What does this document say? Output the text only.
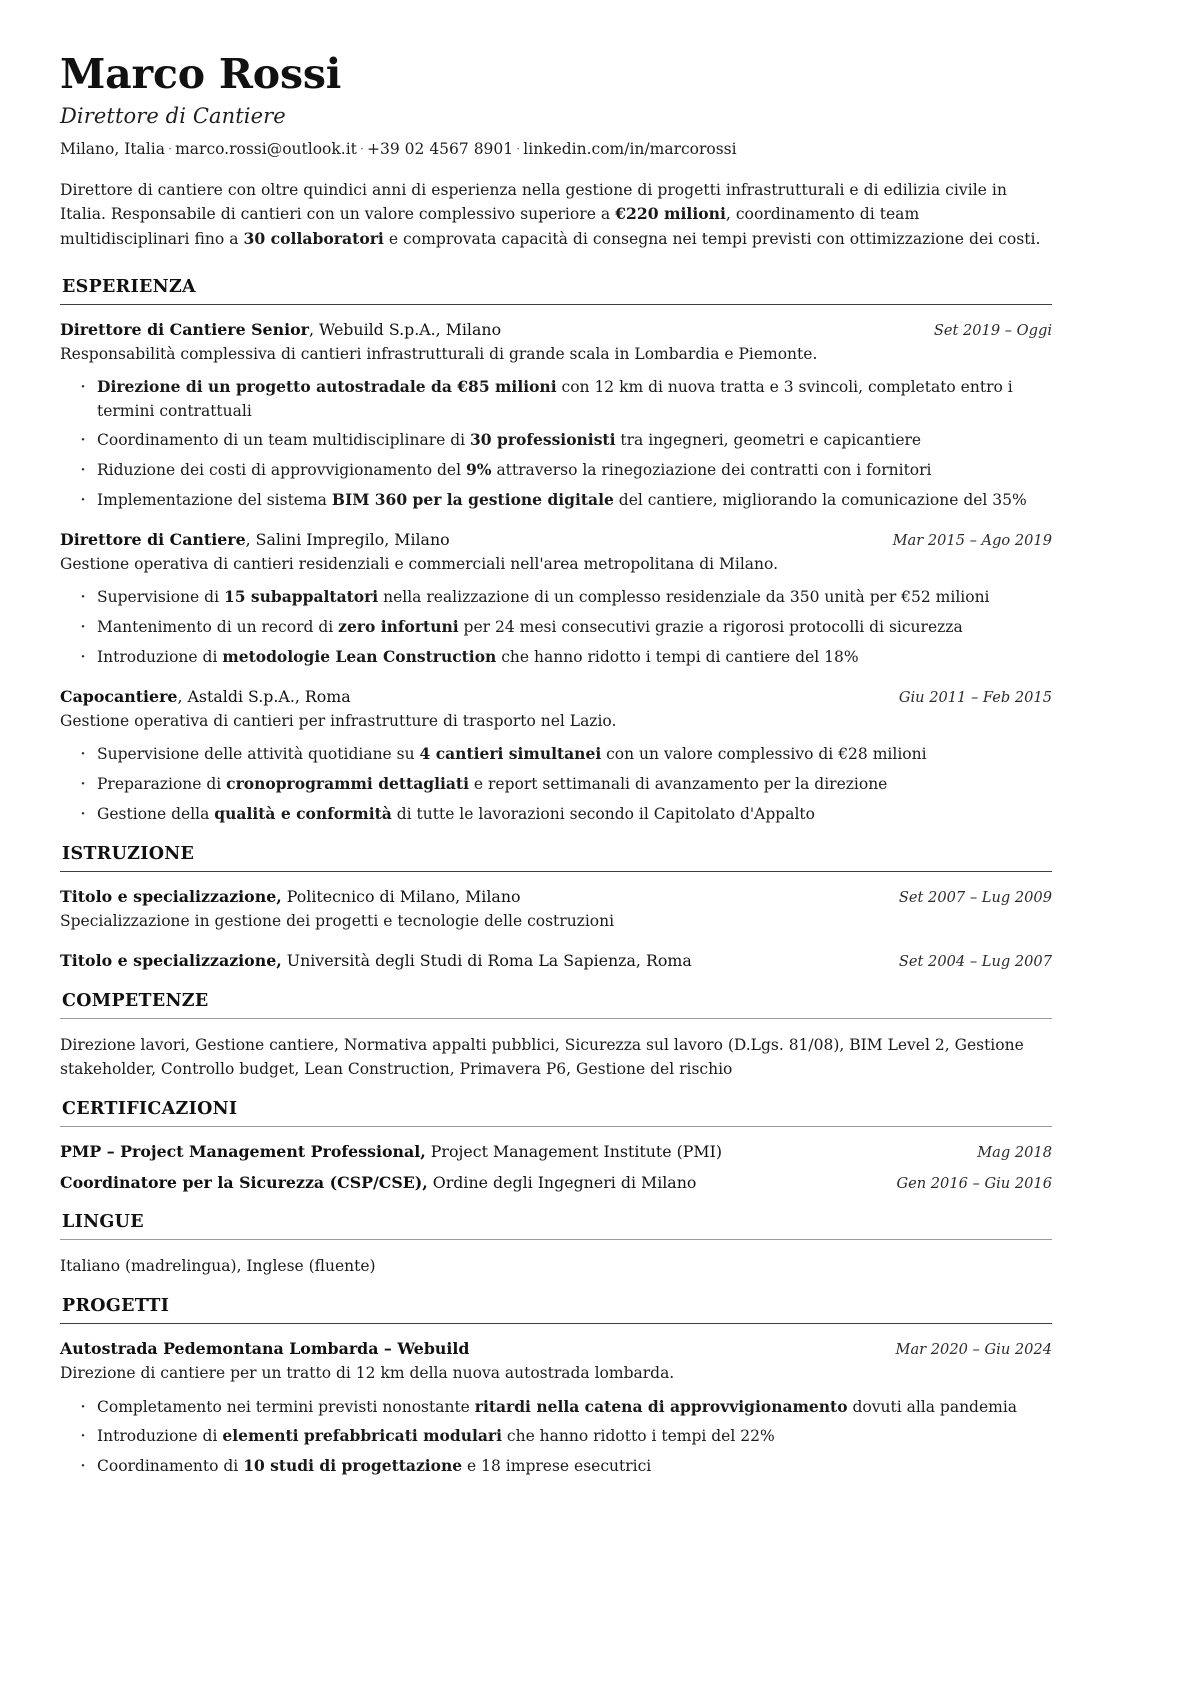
Marco Rossi
Direttore di Cantiere
Milano, Italia · marco.rossi@outlook.it · +39 02 4567 8901 · linkedin.com/in/marcorossi

Direttore di cantiere con oltre quindici anni di esperienza nella gestione di progetti infrastrutturali e di edilizia civile in Italia. Responsabile di cantieri con un valore complessivo superiore a €220 milioni, coordinamento di team multidisciplinari fino a 30 collaboratori e comprovata capacità di consegna nei tempi previsti con ottimizzazione dei costi.

ESPERIENZA
Direttore di Cantiere Senior, Webuild S.p.A., Milano	Set 2019 – Oggi
Responsabilità complessiva di cantieri infrastrutturali di grande scala in Lombardia e Piemonte.
· Direzione di un progetto autostradale da €85 milioni con 12 km di nuova tratta e 3 svincoli, completato entro i termini contrattuali
· Coordinamento di un team multidisciplinare di 30 professionisti tra ingegneri, geometri e capicantiere
· Riduzione dei costi di approvvigionamento del 9% attraverso la rinegoziazione dei contratti con i fornitori
· Implementazione del sistema BIM 360 per la gestione digitale del cantiere, migliorando la comunicazione del 35%
Direttore di Cantiere, Salini Impregilo, Milano	Mar 2015 – Ago 2019
Gestione operativa di cantieri residenziali e commerciali nell'area metropolitana di Milano.
· Supervisione di 15 subappaltatori nella realizzazione di un complesso residenziale da 350 unità per €52 milioni
· Mantenimento di un record di zero infortuni per 24 mesi consecutivi grazie a rigorosi protocolli di sicurezza
· Introduzione di metodologie Lean Construction che hanno ridotto i tempi di cantiere del 18%
Capocantiere, Astaldi S.p.A., Roma	Giu 2011 – Feb 2015
Gestione operativa di cantieri per infrastrutture di trasporto nel Lazio.
· Supervisione delle attività quotidiane su 4 cantieri simultanei con un valore complessivo di €28 milioni
· Preparazione di cronoprogrammi dettagliati e report settimanali di avanzamento per la direzione
· Gestione della qualità e conformità di tutte le lavorazioni secondo il Capitolato d'Appalto
ISTRUZIONE
Titolo e specializzazione, Politecnico di Milano, Milano	Set 2007 – Lug 2009
Specializzazione in gestione dei progetti e tecnologie delle costruzioni
Titolo e specializzazione, Università degli Studi di Roma La Sapienza, Roma	Set 2004 – Lug 2007
COMPETENZE
Direzione lavori, Gestione cantiere, Normativa appalti pubblici, Sicurezza sul lavoro (D.Lgs. 81/08), BIM Level 2, Gestione stakeholder, Controllo budget, Lean Construction, Primavera P6, Gestione del rischio
CERTIFICAZIONI
PMP – Project Management Professional, Project Management Institute (PMI)	Mag 2018
Coordinatore per la Sicurezza (CSP/CSE), Ordine degli Ingegneri di Milano	Gen 2016 – Giu 2016
LINGUE
Italiano (madrelingua), Inglese (fluente)
PROGETTI
Autostrada Pedemontana Lombarda – Webuild	Mar 2020 – Giu 2024
Direzione di cantiere per un tratto di 12 km della nuova autostrada lombarda.
· Completamento nei termini previsti nonostante ritardi nella catena di approvvigionamento dovuti alla pandemia
· Introduzione di elementi prefabbricati modulari che hanno ridotto i tempi del 22%
· Coordinamento di 10 studi di progettazione e 18 imprese esecutrici
